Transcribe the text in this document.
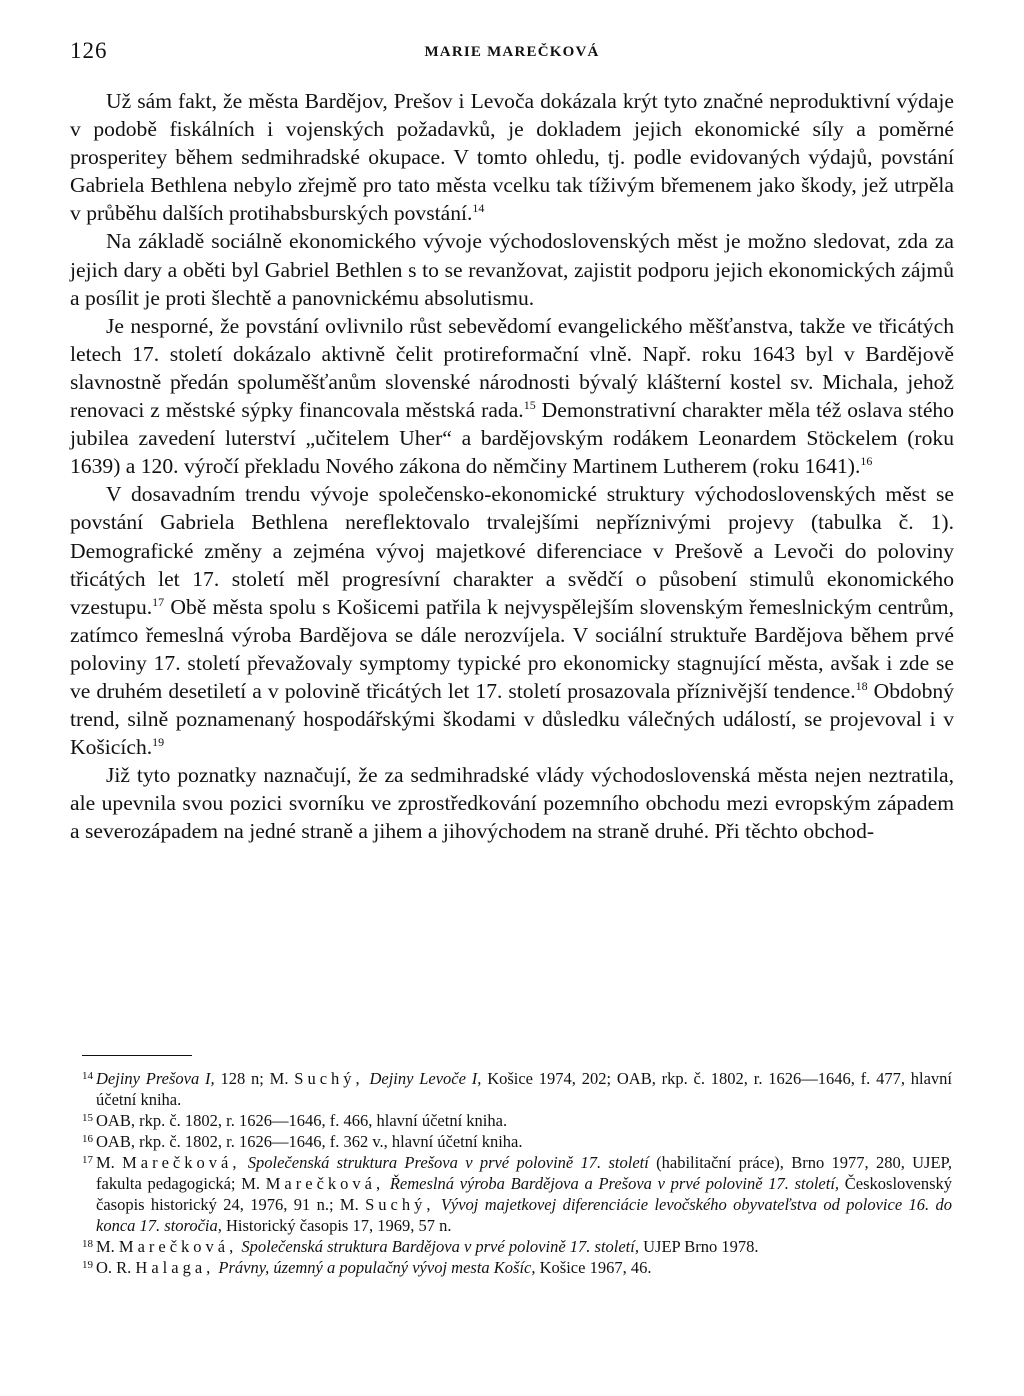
126	MARIE MAREČKOVÁ

Už sám fakt, že města Bardějov, Prešov i Levoča dokázala krýt tyto značné neproduktivní výdaje v podobě fiskálních i vojenských požadavků, je dokladem jejich ekonomické síly a poměrné prosperitey během sedmihradské okupace. V tomto ohledu, tj. podle evidovaných výdajů, povstání Gabriela Bethlena nebylo zřejmě pro tato města vcelku tak tíživým břemenem jako škody, jež utrpěla v průběhu dalších protihabsburských povstání.$^{14}$

Na základě sociálně ekonomického vývoje východoslovenských měst je možno sledovat, zda za jejich dary a oběti byl Gabriel Bethlen s to se revanžovat, zajistit podporu jejich ekonomických zájmů a posílit je proti šlechtě a panovnickému absolutismu.

Je nesporné, že povstání ovlivnilo růst sebevědomí evangelického měšťanstva, takže ve třicátých letech 17. století dokázalo aktivně čelit protireformační vlně. Např. roku 1643 byl v Bardějově slavnostně předán spoluměšťanům slovenské národnosti bývalý klášterní kostel sv. Michala, jehož renovaci z městské sýpky financovala městská rada.$^{15}$ Demonstrativní charakter měla též oslava stého jubilea zavedení luterství „učitelem Uher“ a bardějovským rodákem Leonardem Stöckelem (roku 1639) a 120. výročí překladu Nového zákona do němčiny Martinem Lutherem (roku 1641).$^{16}$

V dosavadním trendu vývoje společensko-ekonomické struktury východoslovenských měst se povstání Gabriela Bethlena nereflektovalo trvalejšími nepříznivými projevy (tabulka č. 1). Demografické změny a zejména vývoj majetkové diferenciace v Prešově a Levoči do poloviny třicátých let 17. století měl progresívní charakter a svědčí o působení stimulů ekonomického vzestupu.$^{17}$ Obě města spolu s Košicemi patřila k nejvyspělejším slovenským řemeslnickým centrům, zatímco řemeslná výroba Bardějova se dále nerozvíjela. V sociální struktuře Bardějova během prvé poloviny 17. století převažovaly symptomy typické pro ekonomicky stagnující města, avšak i zde se ve druhém desetiletí a v polovině třicátých let 17. století prosazovala příznivější tendence.$^{18}$ Obdobný trend, silně poznamenaný hospodářskými škodami v důsledku válečných událostí, se projevoval i v Košicích.$^{19}$

Již tyto poznatky naznačují, že za sedmihradské vlády východoslovenská města nejen neztratila, ale upevnila svou pozici svorníku ve zprostředkování pozemního obchodu mezi evropským západem a severozápadem na jedné straně a jihem a jihovýchodem na straně druhé. Při těchto obchod-

14 Dejiny Prešova I, 128 n; M. Suchý, Dejiny Levoče I, Košice 1974, 202; OAB, rkp. č. 1802, r. 1626—1646, f. 477, hlavní účetní kniha.
15 OAB, rkp. č. 1802, r. 1626—1646, f. 466, hlavní účetní kniha.
16 OAB, rkp. č. 1802, r. 1626—1646, f. 362 v., hlavní účetní kniha.
17 M. Marečková, Společenská struktura Prešova v prvé polovině 17. století (habilitační práce), Brno 1977, 280, UJEP, fakulta pedagogická; M. Marečková, Řemeslná výroba Bardějova a Prešova v prvé polovině 17. století, Československý časopis historický 24, 1976, 91 n.; M. Suchý, Vývoj majetkovej diferenciácie levočského obyvateľstva od polovice 16. do konca 17. storočia, Historický časopis 17, 1969, 57 n.
18 M. Marečková, Společenská struktura Bardějova v prvé polovině 17. století, UJEP Brno 1978.
19 O. R. Halaga, Právny, územný a populačný vývoj mesta Košíc, Košice 1967, 46.
